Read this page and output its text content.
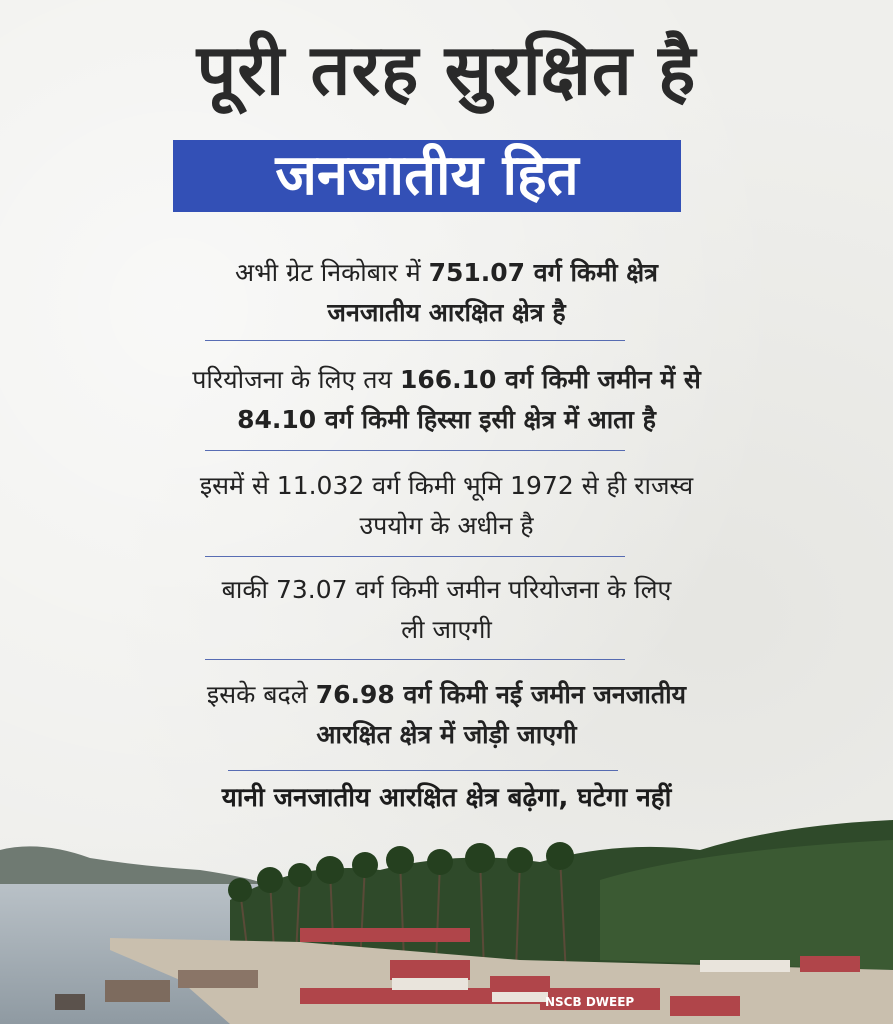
पूरी तरह सुरक्षित है
जनजातीय हित
अभी ग्रेट निकोबार में 751.07 वर्ग किमी क्षेत्र
जनजातीय आरक्षित क्षेत्र है
परियोजना के लिए तय 166.10 वर्ग किमी जमीन में से
84.10 वर्ग किमी हिस्सा इसी क्षेत्र में आता है
इसमें से 11.032 वर्ग किमी भूमि 1972 से ही राजस्व
उपयोग के अधीन है
बाकी 73.07 वर्ग किमी जमीन परियोजना के लिए
ली जाएगी
इसके बदले 76.98 वर्ग किमी नई जमीन जनजातीय
आरक्षित क्षेत्र में जोड़ी जाएगी
यानी जनजातीय आरक्षित क्षेत्र बढ़ेगा, घटेगा नहीं
NSCB DWEEP
